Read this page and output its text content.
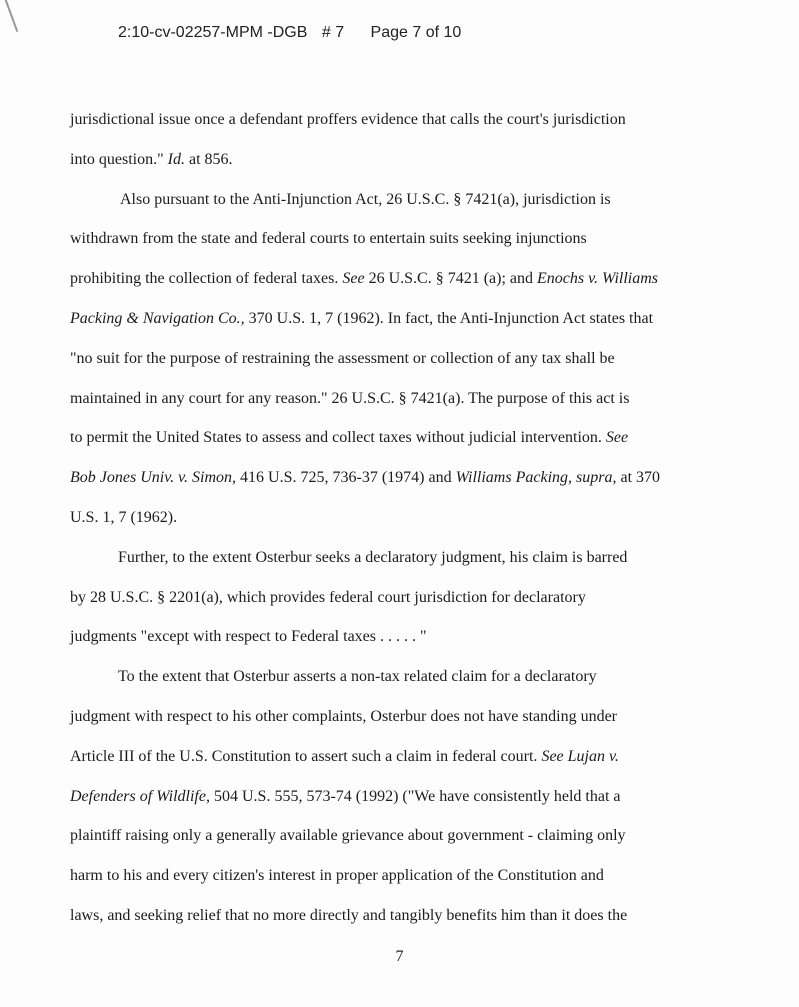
2:10-cv-02257-MPM -DGB # 7 Page 7 of 10
jurisdictional issue once a defendant proffers evidence that calls the court's jurisdiction
into question." Id. at 856.
Also pursuant to the Anti-Injunction Act, 26 U.S.C. § 7421(a), jurisdiction is
withdrawn from the state and federal courts to entertain suits seeking injunctions
prohibiting the collection of federal taxes. See 26 U.S.C. § 7421 (a); and Enochs v. Williams
Packing & Navigation Co., 370 U.S. 1, 7 (1962). In fact, the Anti-Injunction Act states that
"no suit for the purpose of restraining the assessment or collection of any tax shall be
maintained in any court for any reason." 26 U.S.C. § 7421(a). The purpose of this act is
to permit the United States to assess and collect taxes without judicial intervention. See
Bob Jones Univ. v. Simon, 416 U.S. 725, 736-37 (1974) and Williams Packing, supra, at 370
U.S. 1, 7 (1962).
Further, to the extent Osterbur seeks a declaratory judgment, his claim is barred
by 28 U.S.C. § 2201(a), which provides federal court jurisdiction for declaratory
judgments "except with respect to Federal taxes . . . . . "
To the extent that Osterbur asserts a non-tax related claim for a declaratory
judgment with respect to his other complaints, Osterbur does not have standing under
Article III of the U.S. Constitution to assert such a claim in federal court. See Lujan v.
Defenders of Wildlife, 504 U.S. 555, 573-74 (1992) ("We have consistently held that a
plaintiff raising only a generally available grievance about government - claiming only
harm to his and every citizen's interest in proper application of the Constitution and
laws, and seeking relief that no more directly and tangibly benefits him than it does the
7
